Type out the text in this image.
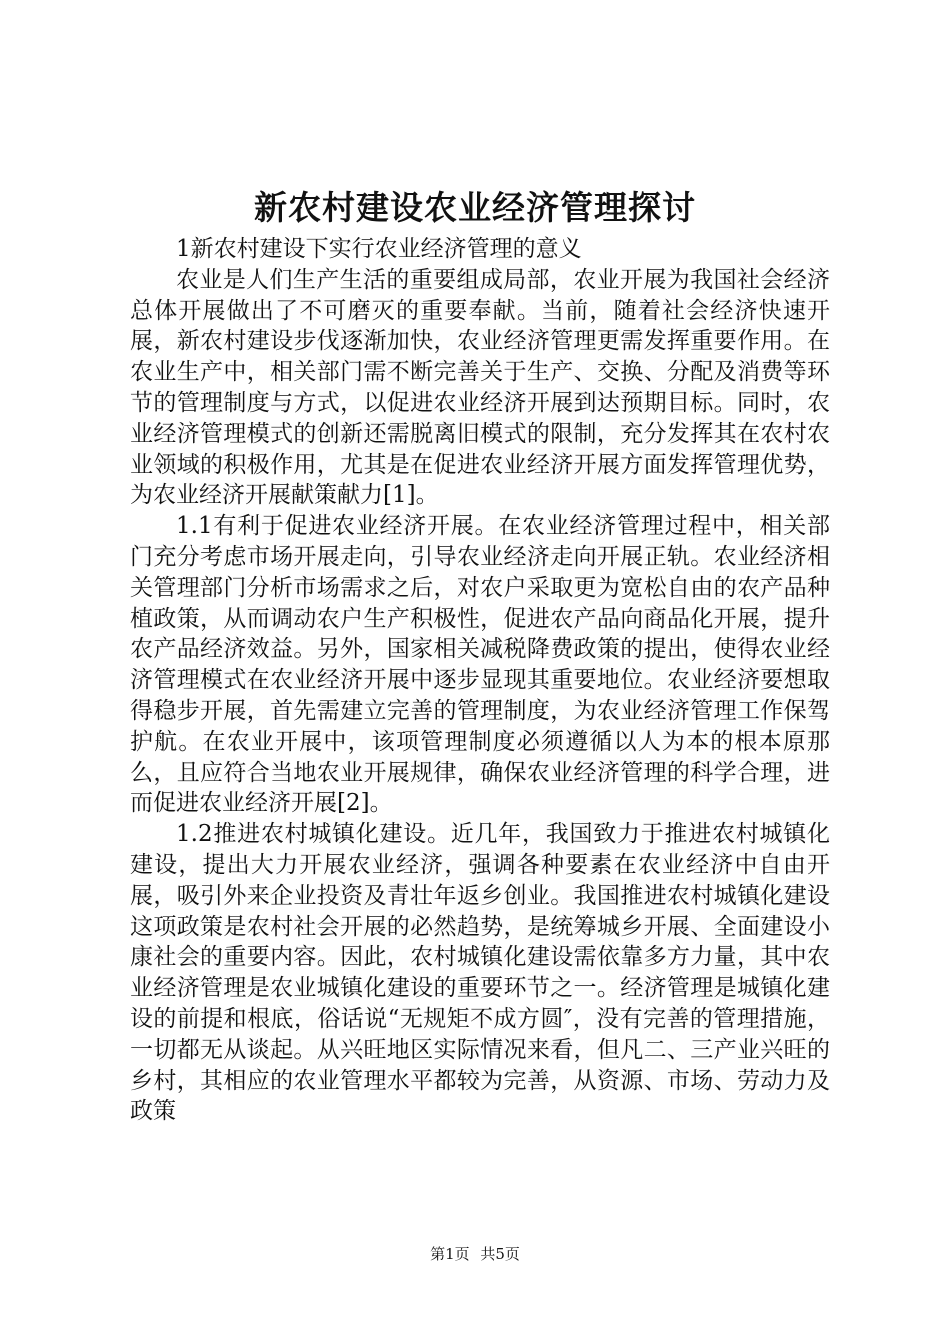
新农村建设农业经济管理探讨

1新农村建设下实行农业经济管理的意义

农业是人们生产生活的重要组成局部，农业开展为我国社会经济总体开展做出了不可磨灭的重要奉献。当前，随着社会经济快速开展，新农村建设步伐逐渐加快，农业经济管理更需发挥重要作用。在农业生产中，相关部门需不断完善关于生产、交换、分配及消费等环节的管理制度与方式，以促进农业经济开展到达预期目标。同时，农业经济管理模式的创新还需脱离旧模式的限制，充分发挥其在农村农业领域的积极作用，尤其是在促进农业经济开展方面发挥管理优势，为农业经济开展献策献力[1]。

1.1有利于促进农业经济开展。在农业经济管理过程中，相关部门充分考虑市场开展走向，引导农业经济走向开展正轨。农业经济相关管理部门分析市场需求之后，对农户采取更为宽松自由的农产品种植政策，从而调动农户生产积极性，促进农产品向商品化开展，提升农产品经济效益。另外，国家相关减税降费政策的提出，使得农业经济管理模式在农业经济开展中逐步显现其重要地位。农业经济要想取得稳步开展，首先需建立完善的管理制度，为农业经济管理工作保驾护航。在农业开展中，该项管理制度必须遵循以人为本的根本原那么，且应符合当地农业开展规律，确保农业经济管理的科学合理，进而促进农业经济开展[2]。

1.2推进农村城镇化建设。近几年，我国致力于推进农村城镇化建设，提出大力开展农业经济，强调各种要素在农业经济中自由开展，吸引外来企业投资及青壮年返乡创业。我国推进农村城镇化建设这项政策是农村社会开展的必然趋势，是统筹城乡开展、全面建设小康社会的重要内容。因此，农村城镇化建设需依靠多方力量，其中农业经济管理是农业城镇化建设的重要环节之一。经济管理是城镇化建设的前提和根底，俗话说“无规矩不成方圆″，没有完善的管理措施，一切都无从谈起。从兴旺地区实际情况来看，但凡二、三产业兴旺的乡村，其相应的农业管理水平都较为完善，从资源、市场、劳动力及政策

第1页 共5页
